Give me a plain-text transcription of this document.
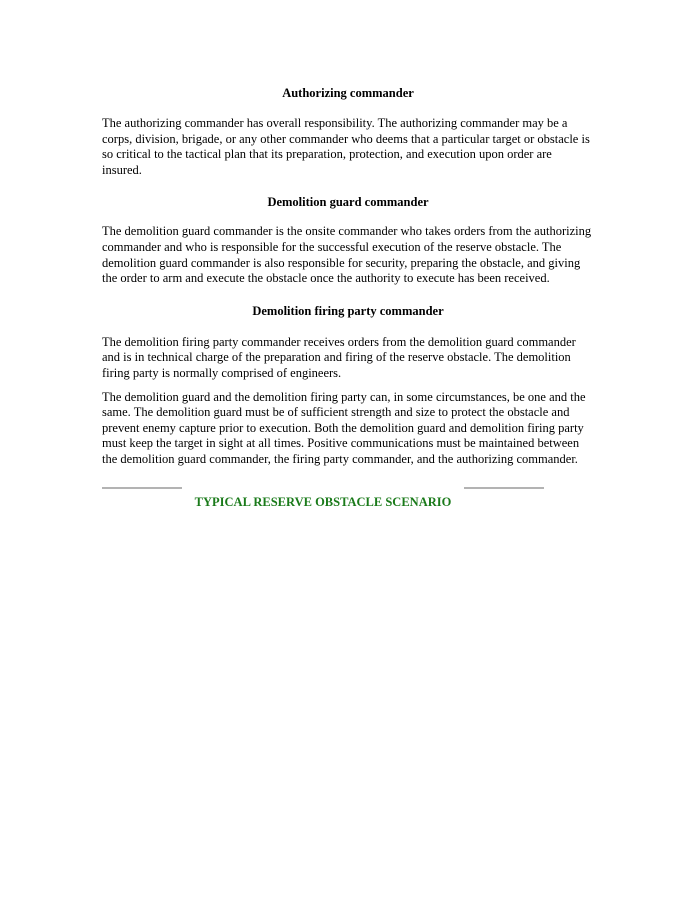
Authorizing commander

The authorizing commander has overall responsibility. The authorizing commander may be a corps, division, brigade, or any other commander who deems that a particular target or obstacle is so critical to the tactical plan that its preparation, protection, and execution upon order are insured.

Demolition guard commander

The demolition guard commander is the onsite commander who takes orders from the authorizing commander and who is responsible for the successful execution of the reserve obstacle. The demolition guard commander is also responsible for security, preparing the obstacle, and giving the order to arm and execute the obstacle once the authority to execute has been received.

Demolition firing party commander

The demolition firing party commander receives orders from the demolition guard commander and is in technical charge of the preparation and firing of the reserve obstacle. The demolition firing party is normally comprised of engineers.

The demolition guard and the demolition firing party can, in some circumstances, be one and the same. The demolition guard must be of sufficient strength and size to protect the obstacle and prevent enemy capture prior to execution. Both the demolition guard and demolition firing party must keep the target in sight at all times. Positive communications must be maintained between the demolition guard commander, the firing party commander, and the authorizing commander.

TYPICAL RESERVE OBSTACLE SCENARIO
